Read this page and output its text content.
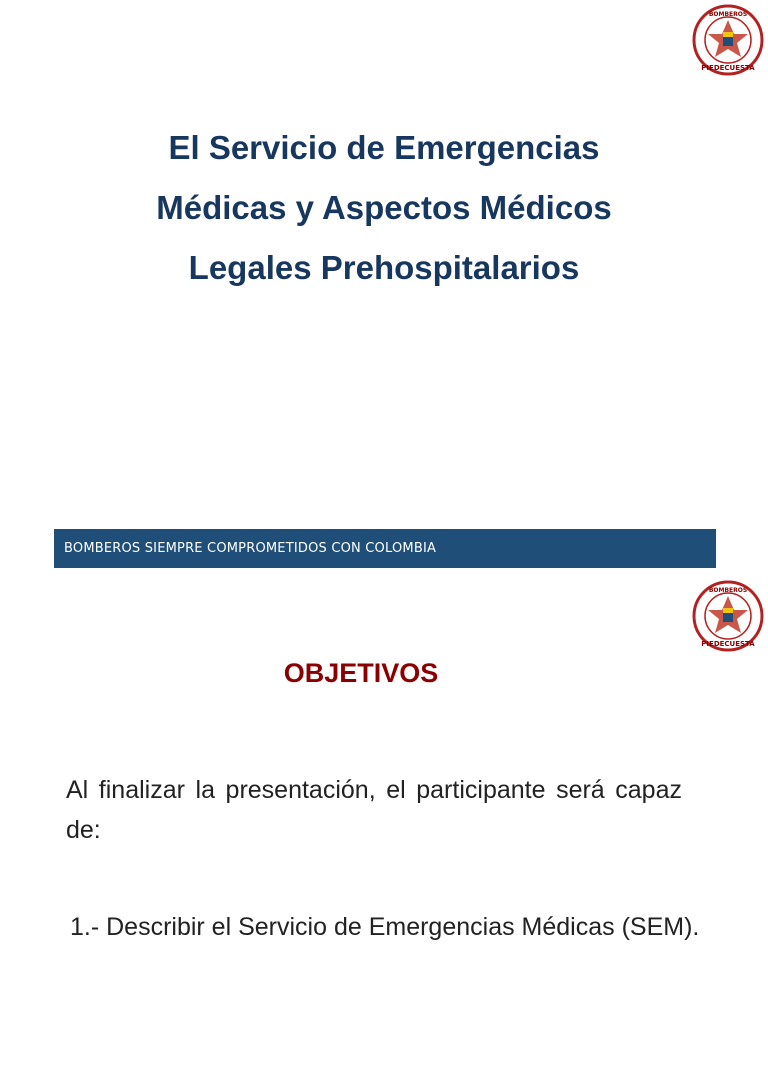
BOMBEROS
PIEDECUESTA
El Servicio de Emergencias
Médicas y Aspectos Médicos
Legales Prehospitalarios
BOMBEROS SIEMPRE COMPROMETIDOS CON COLOMBIA
BOMBEROS
PIEDECUESTA
OBJETIVOS

Al finalizar la presentación, el participante será capaz de:

1.- Describir el Servicio de Emergencias Médicas (SEM).
